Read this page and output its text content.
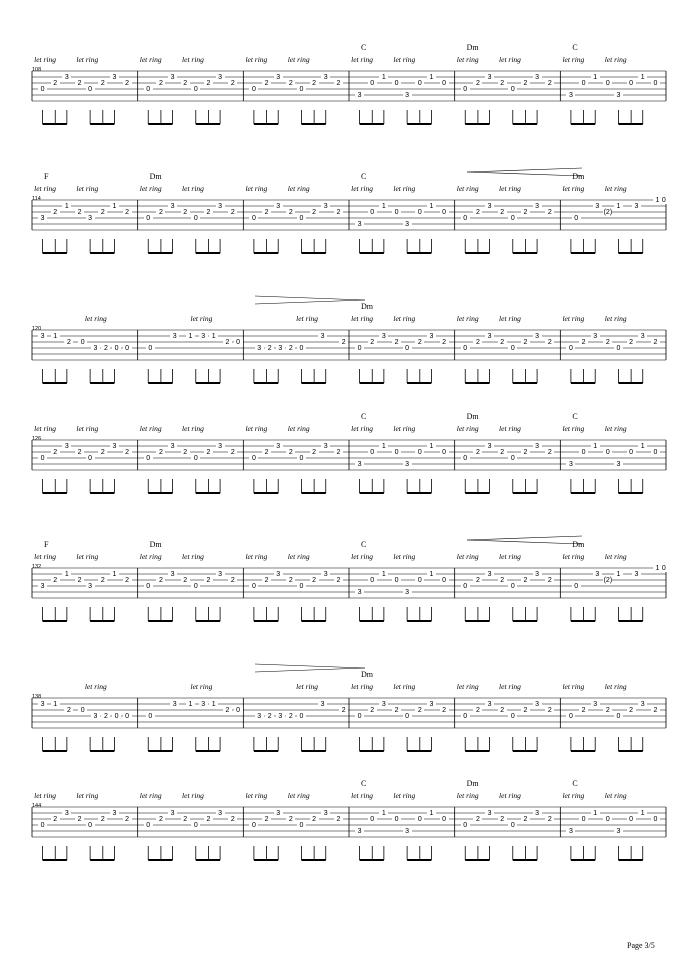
108
let ring	let ring
0
2
3
2
0
2
3
2
let ring	let ring
0
2
3
2
0
2
3
2
let ring	let ring
0
2
3
2
0
2
3
2
C
let ring	let ring
3
0
1
0
3
0
1
0
Dm
let ring	let ring
0
2
3
2
0
2
3
2
C
let ring	let ring
3
0
1
0
3
0
1
0
114
F
let ring	let ring
3
2
1
2
3
2
1
2
Dm
let ring	let ring
0
2
3
2
0
2
3
2
let ring	let ring
0
2
3
2
0
2
3
2
C
let ring	let ring
3
0
1
0
3
0
1
0
let ring	let ring
0
2
3
2
0
2
3
2
Dm
let ring	let ring
0
3
(2)
1	3
1 0
120
let ring
3	1
2	0
3 2 0 0
let ring
0
3	1	3 1
2 0
let ring
3 2 3 2 0
3
2
Dm
let ring	let ring
0
2
3
2
0
2
3
2
let ring	let ring
0
2
3
2
0
2
3
2
let ring	let ring
0
2
3
2
0
2
3
2
126
let ring	let ring
0
2
3
2
0
2
3
2
let ring	let ring
0
2
3
2
0
2
3
2
let ring	let ring
0
2
3
2
0
2
3
2
C
let ring	let ring
3
0
1
0
3
0
1
0
Dm
let ring	let ring
0
2
3
2
0
2
3
2
C
let ring	let ring
3
0
1
0
3
0
1
0
132
F
let ring	let ring
3
2
1
2
3
2
1
2
Dm
let ring	let ring
0
2
3
2
0
2
3
2
let ring	let ring
0
2
3
2
0
2
3
2
C
let ring	let ring
3
0
1
0
3
0
1
0
let ring	let ring
0
2
3
2
0
2
3
2
Dm
let ring	let ring
0
3
(2)
1	3
1 0
138
let ring
3	1
2	0
3 2 0 0
let ring
0
3	1	3 1
2 0
let ring
3 2 3 2 0
3
2
Dm
let ring	let ring
0
2
3
2
0
2
3
2
let ring	let ring
0
2
3
2
0
2
3
2
let ring	let ring
0
2
3
2
0
2
3
2
144
let ring	let ring
0
2
3
2
0
2
3
2
let ring	let ring
0
2
3
2
0
2
3
2
let ring	let ring
0
2
3
2
0
2
3
2
C
let ring	let ring
3
0
1
0
3
0
1
0
Dm
let ring	let ring
0
2
3
2
0
2
3
2
C
let ring	let ring
3
0
1
0
3
0
1
0
Page 3/5
